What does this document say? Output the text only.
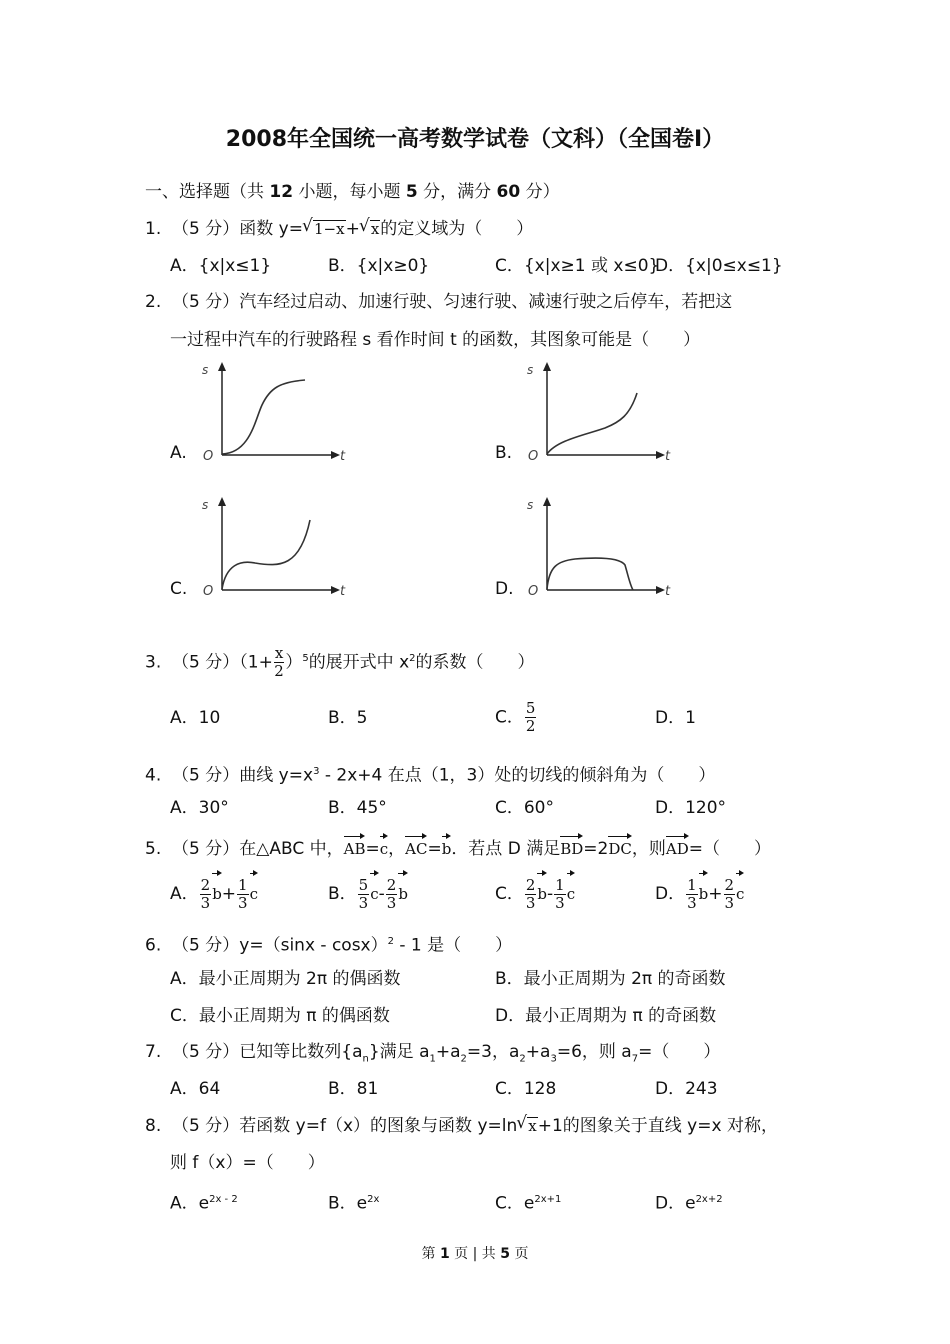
2008年全国统一高考数学试卷（文科）（全国卷Ⅰ）
一、选择题（共 12 小题，每小题 5 分，满分 60 分）
1. （5 分）函数 y= √ 1−x+ √ x的定义域为（　　）
A．{x|x≤1}	B．{x|x≥0}	C．{x|x≥1 或 x≤0}
D．{x|0≤x≤1}
2. （5 分）汽车经过启动、加速行驶、匀速行驶、减速行驶之后停车，若把这
一过程中汽车的行驶路程 s 看作时间 t 的函数，其图象可能是（　　）
A.	B.
C.	D.
s
O	t
s
O	t
s
O	t
s
O	t
3. （5 分）$(1+ \frac{x}{2} )^5$的展开式中 $x^2$的系数（　　）
A．10	B．5	C． $\frac{5}{2}$	D．1
4. （5 分）曲线 $y=x^3 - 2x+4$ 在点（1，3）处的切线的倾斜角为（　　）
A．30°	B．45°	C．60°	D．120°
5. （5 分）在△ABC 中，AB=c，AC=b．若点 D 满足BD=2DC，则AD=（　　）
A． $\frac{2}{3} b+ \frac{1}{3}$ c	B． $\frac{5}{3} c- \frac{2}{3}$ b	C． $\frac{2}{3} b- \frac{1}{3}$ c	D． $\frac{1}{3} b+ \frac{2}{3}$ c
6. （5 分）y=（sinx - cosx）$^2$ - 1 是（　　）
A．最小正周期为 2π 的偶函数	B．最小正周期为 2π 的奇函数
C．最小正周期为 π 的偶函数	D．最小正周期为 π 的奇函数
7. （5 分）已知等比数列$\{a_n\}$满足 $a_1+a_2=3$，$a_2+a_3=6$，则 $a_7=$（　　）
A．64	B．81	C．128	D．243
8. （5 分）若函数 y=f（x）的图象与函数 y=ln √ x+1的图象关于直线 y=x 对称，
则 f（x）=（　　）
A．$e^{2x - 2}$	B．$e^{2x}$	C．$e^{2x+1}$	D．$e^{2x+2}$
第 1 页 | 共 5 页
